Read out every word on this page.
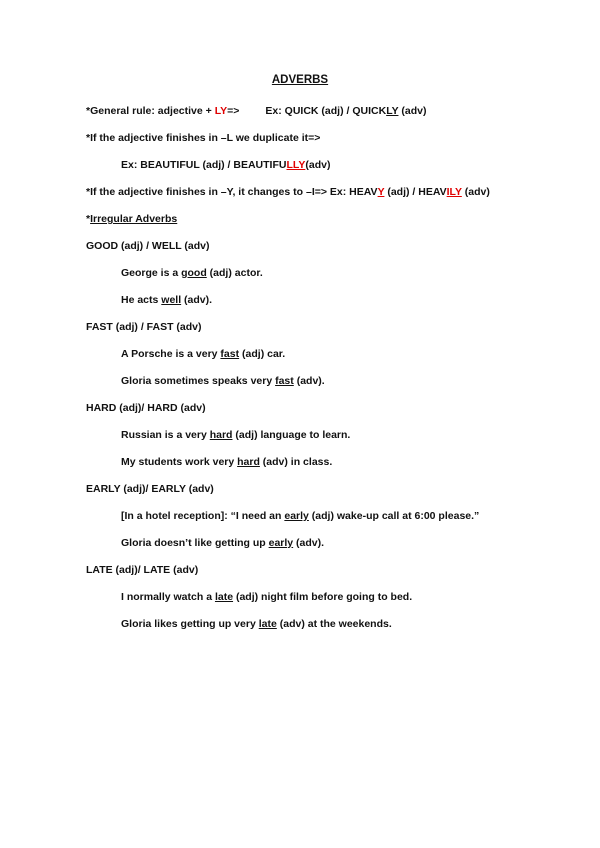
ADVERBS
*General rule: adjective + LY=> Ex: QUICK (adj) / QUICKLY (adv)
*If the adjective finishes in –L we duplicate it=>
Ex: BEAUTIFUL (adj) / BEAUTIFULLY(adv)
*If the adjective finishes in –Y, it changes to –I=> Ex: HEAVY (adj) / HEAVILY (adv)
*Irregular Adverbs
GOOD (adj) / WELL (adv)
George is a good (adj) actor.
He acts well (adv).
FAST (adj) / FAST (adv)
A Porsche is a very fast (adj) car.
Gloria sometimes speaks very fast (adv).
HARD (adj)/ HARD (adv)
Russian is a very hard (adj) language to learn.
My students work very hard (adv) in class.
EARLY (adj)/ EARLY (adv)
[In a hotel reception]: “I need an early (adj) wake-up call at 6:00 please.”
Gloria doesn’t like getting up early (adv).
LATE (adj)/ LATE (adv)
I normally watch a late (adj) night film before going to bed.
Gloria likes getting up very late (adv) at the weekends.
